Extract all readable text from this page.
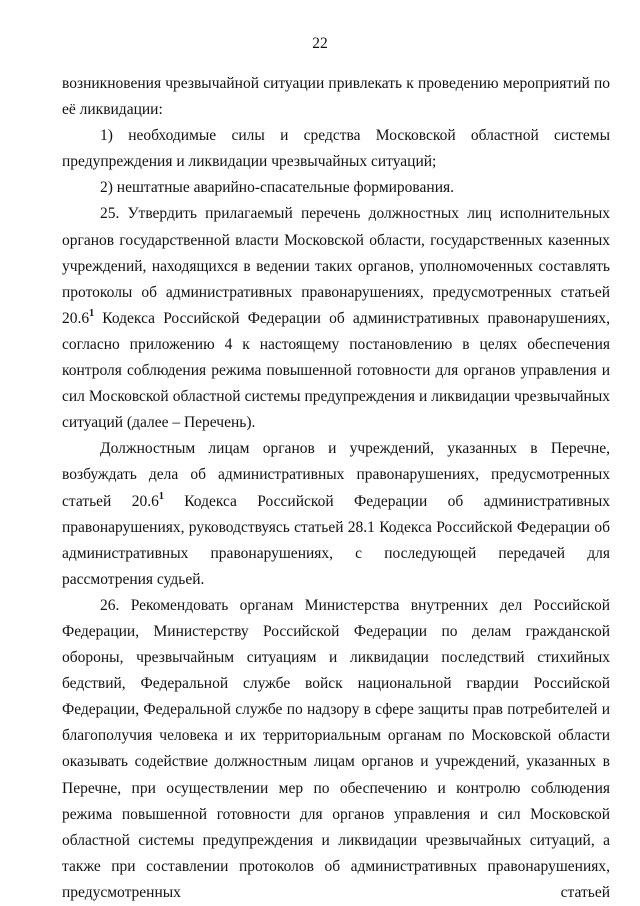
22

возникновения чрезвычайной ситуации привлекать к проведению мероприятий по её ликвидации:

1) необходимые силы и средства Московской областной системы предупреждения и ликвидации чрезвычайных ситуаций;

2) нештатные аварийно-спасательные формирования.

25. Утвердить прилагаемый перечень должностных лиц исполнительных органов государственной власти Московской области, государственных казенных учреждений, находящихся в ведении таких органов, уполномоченных составлять протоколы об административных правонарушениях, предусмотренных статьей 20.6$^1$ Кодекса Российской Федерации об административных правонарушениях, согласно приложению 4 к настоящему постановлению в целях обеспечения контроля соблюдения режима повышенной готовности для органов управления и сил Московской областной системы предупреждения и ликвидации чрезвычайных ситуаций (далее – Перечень).

Должностным лицам органов и учреждений, указанных в Перечне, возбуждать дела об административных правонарушениях, предусмотренных статьей 20.6$^1$ Кодекса Российской Федерации об административных правонарушениях, руководствуясь статьей 28.1 Кодекса Российской Федерации об административных правонарушениях, с последующей передачей для рассмотрения судьей.

26. Рекомендовать органам Министерства внутренних дел Российской Федерации, Министерству Российской Федерации по делам гражданской обороны, чрезвычайным ситуациям и ликвидации последствий стихийных бедствий, Федеральной службе войск национальной гвардии Российской Федерации, Федеральной службе по надзору в сфере защиты прав потребителей и благополучия человека и их территориальным органам по Московской области оказывать содействие должностным лицам органов и учреждений, указанных в Перечне, при осуществлении мер по обеспечению и контролю соблюдения режима повышенной готовности для органов управления и сил Московской областной системы предупреждения и ликвидации чрезвычайных ситуаций, а также при составлении протоколов об административных правонарушениях, предусмотренных статьей
